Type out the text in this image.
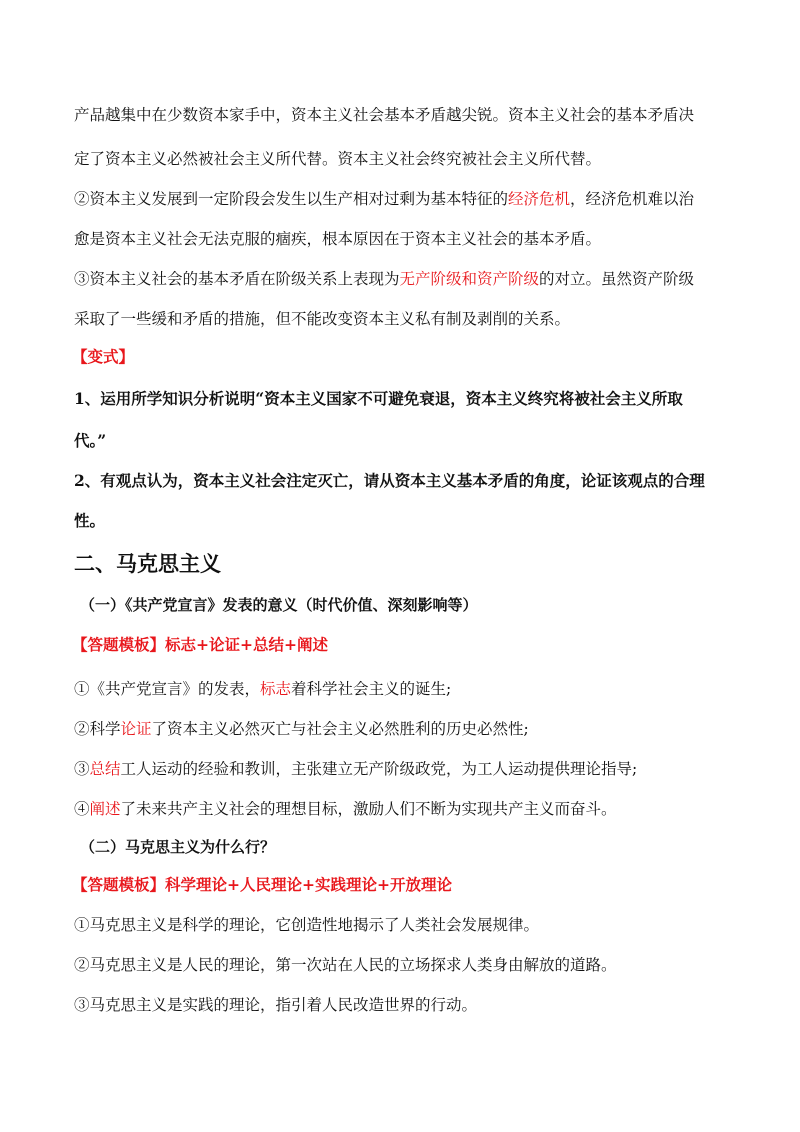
产品越集中在少数资本家手中，资本主义社会基本矛盾越尖锐。资本主义社会的基本矛盾决
定了资本主义必然被社会主义所代替。资本主义社会终究被社会主义所代替。
②资本主义发展到一定阶段会发生以生产相对过剩为基本特征的经济危机，经济危机难以治
愈是资本主义社会无法克服的痼疾，根本原因在于资本主义社会的基本矛盾。
③资本主义社会的基本矛盾在阶级关系上表现为无产阶级和资产阶级的对立。虽然资产阶级
采取了一些缓和矛盾的措施，但不能改变资本主义私有制及剥削的关系。
【变式】
1、运用所学知识分析说明“资本主义国家不可避免衰退，资本主义终究将被社会主义所取
代。”
2、有观点认为，资本主义社会注定灭亡，请从资本主义基本矛盾的角度，论证该观点的合理
性。
二、马克思主义
（一）《共产党宣言》发表的意义（时代价值、深刻影响等）
【答题模板】标志+论证+总结+阐述
①《共产党宣言》的发表，标志着科学社会主义的诞生;
②科学论证了资本主义必然灭亡与社会主义必然胜利的历史必然性;
③总结工人运动的经验和教训，主张建立无产阶级政党，为工人运动提供理论指导;
④阐述了未来共产主义社会的理想目标，激励人们不断为实现共产主义而奋斗。
（二）马克思主义为什么行？
【答题模板】科学理论+人民理论+实践理论+开放理论
①马克思主义是科学的理论，它创造性地揭示了人类社会发展规律。
②马克思主义是人民的理论，第一次站在人民的立场探求人类身由解放的道路。
③马克思主义是实践的理论，指引着人民改造世界的行动。
